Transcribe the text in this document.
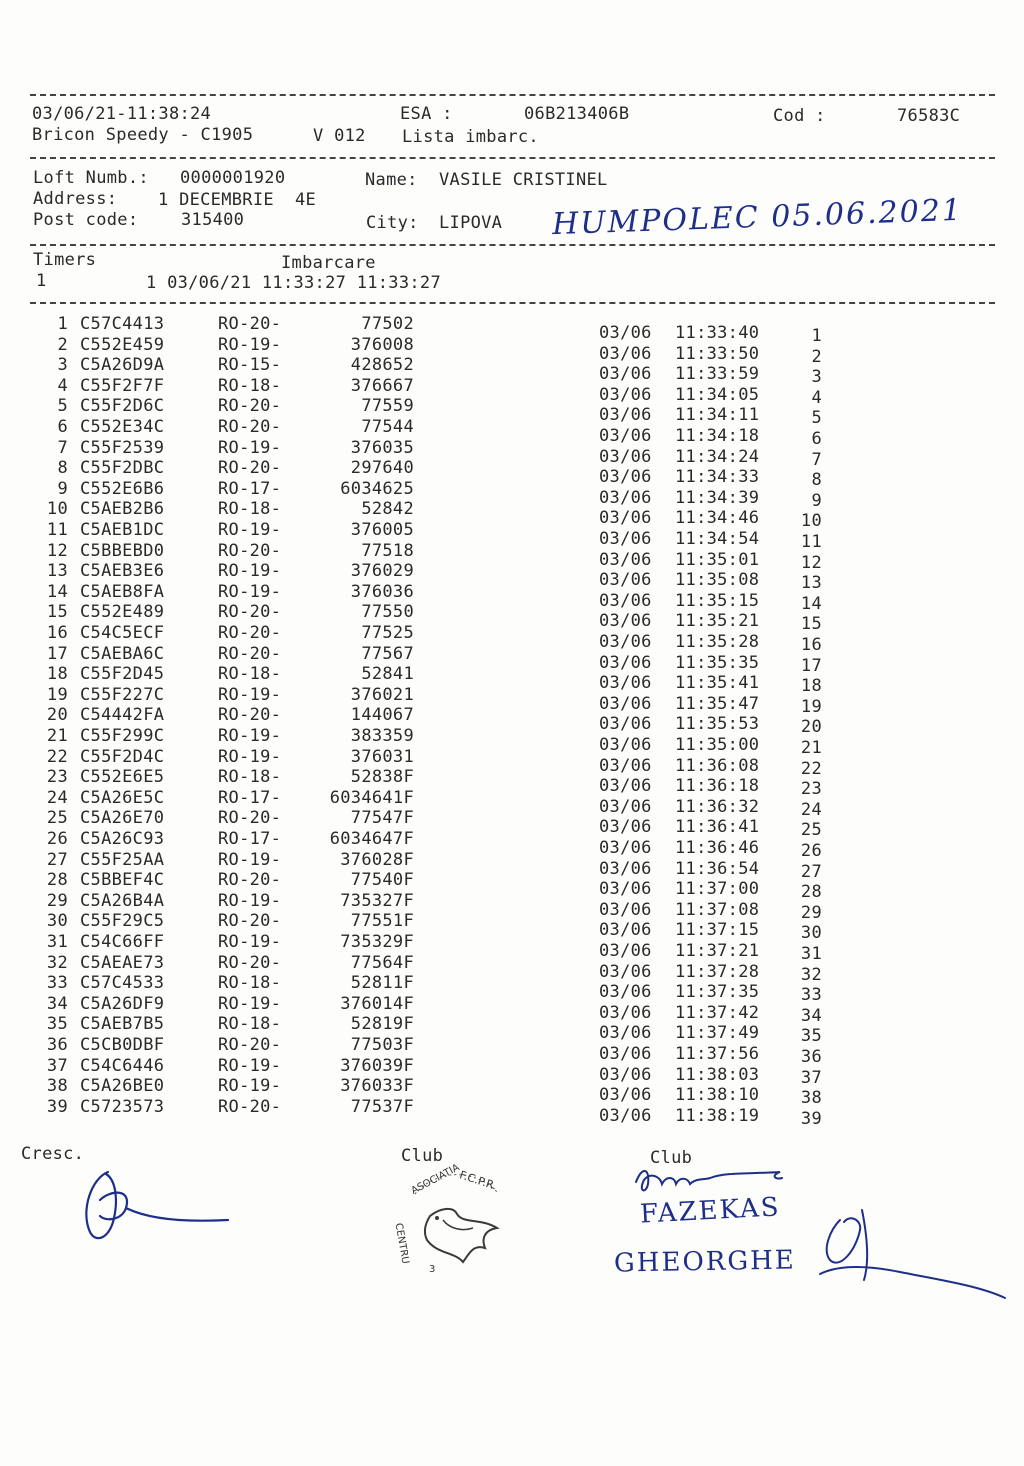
03/06/21-11:38:24	ESA :	06B213406B	Cod :	76583C
Bricon Speedy - C1905	V 012 Lista imbarc.
Loft Numb.: 0000001920	Name: VASILE CRISTINEL
Address: 1 DECEMBRIE  4E
Post code:	315400	City: LIPOVA HUMPOLEC 05.06.2021
Timers	Imbarcare
1	1 03/06/21 11:33:27 11:33:27
1 C57C4413	RO-20-	77502	03/06 11:33:40	1
2 C552E459	RO-19-	376008	03/06 11:33:50	2
3 C5A26D9A	RO-15-	428652	03/06 11:33:59	3
4 C55F2F7F	RO-18-	376667	03/06 11:34:05	4
5 C55F2D6C	RO-20-	77559	03/06 11:34:11	5
6 C552E34C	RO-20-	77544	03/06 11:34:18	6
7 C55F2539	RO-19-	376035	03/06 11:34:24	7
8 C55F2DBC	RO-20-	297640	03/06 11:34:33	8
9 C552E6B6	RO-17-	6034625	03/06 11:34:39	9
10 C5AEB2B6	RO-18-	52842	03/06 11:34:46	10
11 C5AEB1DC	RO-19-	376005	03/06 11:34:54	11
12 C5BBEBD0	RO-20-	77518	03/06 11:35:01	12
13 C5AEB3E6	RO-19-	376029	03/06 11:35:08	13
14 C5AEB8FA	RO-19-	376036	03/06 11:35:15	14
15 C552E489	RO-20-	77550	03/06 11:35:21	15
16 C54C5ECF	RO-20-	77525	03/06 11:35:28	16
17 C5AEBA6C	RO-20-	77567	03/06 11:35:35	17
18 C55F2D45	RO-18-	52841	03/06 11:35:41	18
19 C55F227C	RO-19-	376021	03/06 11:35:47	19
20 C54442FA	RO-20-	144067	03/06 11:35:53	20
21 C55F299C	RO-19-	383359	03/06 11:35:00	21
22 C55F2D4C	RO-19-	376031	03/06 11:36:08	22
23 C552E6E5	RO-18-	52838F	03/06 11:36:18	23
24 C5A26E5C	RO-17-	6034641F	03/06 11:36:32	24
25 C5A26E70	RO-20-	77547F	03/06 11:36:41	25
26 C5A26C93	RO-17-	6034647F	03/06 11:36:46	26
27 C55F25AA	RO-19-	376028F	03/06 11:36:54	27
28 C5BBEF4C	RO-20-	77540F	03/06 11:37:00	28
29 C5A26B4A	RO-19-	735327F	03/06 11:37:08	29
30 C55F29C5	RO-20-	77551F	03/06 11:37:15	30
31 C54C66FF	RO-19-	735329F	03/06 11:37:21	31
32 C5AEAE73	RO-20-	77564F	03/06 11:37:28	32
33 C57C4533	RO-18-	52811F	03/06 11:37:35	33
34 C5A26DF9	RO-19-	376014F	03/06 11:37:42	34
35 C5AEB7B5	RO-18-	52819F	03/06 11:37:49	35
36 C5CB0DBF	RO-20-	77503F	03/06 11:37:56	36
37 C54C6446	RO-19-	376039F	03/06 11:38:03	37
38 C5A26BE0	RO-19-	376033F	03/06 11:38:10	38
39 C5723573	RO-20-	77537F	03/06 11:38:19	39
Cresc.	Club	Club
ASOCIATIA
F.C.P.R.
CENTRU
3
FAZEKAS
GHEORGHE
